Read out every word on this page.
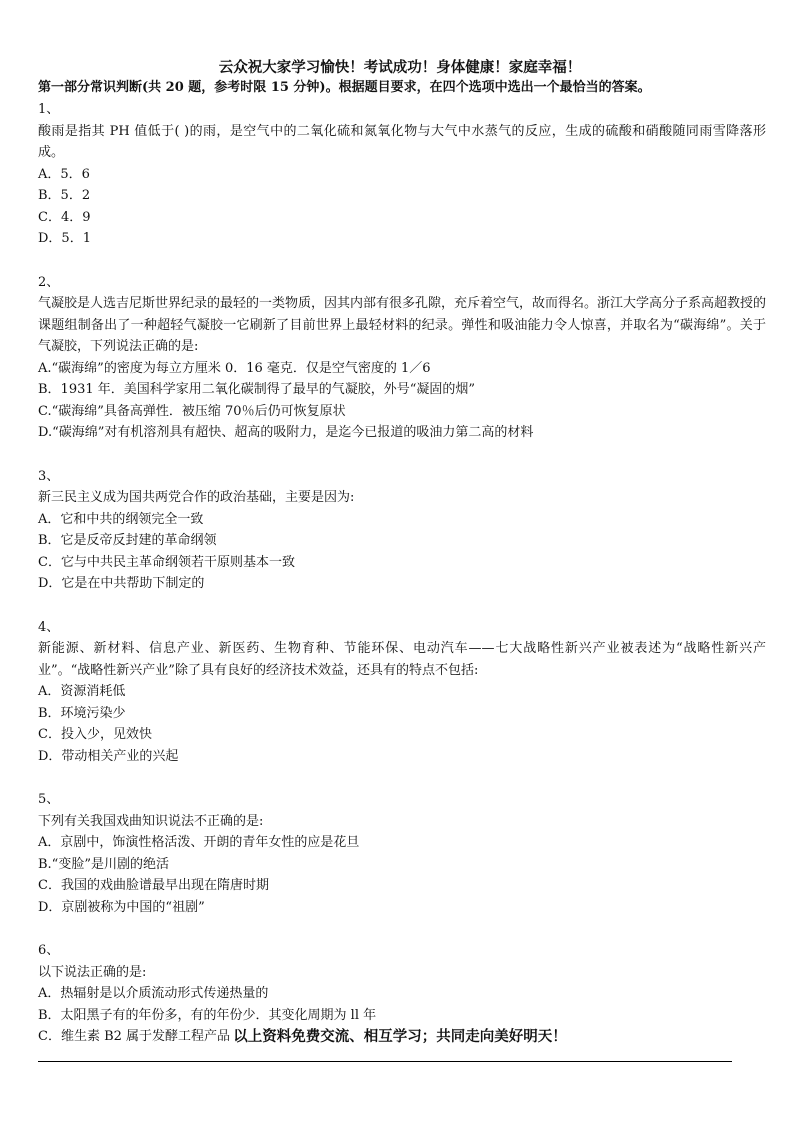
云众祝大家学习愉快！考试成功！身体健康！家庭幸福！
第一部分常识判断(共 20 题，参考时限 15 分钟)。根据题目要求，在四个选项中选出一个最恰当的答案。

1、

酸雨是指其 PH 值低于( )的雨，是空气中的二氧化硫和氮氧化物与大气中水蒸气的反应，生成的硫酸和硝酸随同雨雪降落形成。

A．5．6

B．5．2

C．4．9

D．5．1

2、

气凝胶是人选吉尼斯世界纪录的最轻的一类物质，因其内部有很多孔隙，充斥着空气，故而得名。浙江大学高分子系高超教授的课题组制备出了一种超轻气凝胶一它刷新了目前世界上最轻材料的纪录。弹性和吸油能力令人惊喜，并取名为“碳海绵”。关于气凝胶，下列说法正确的是:

A.“碳海绵”的密度为每立方厘米 0．16 毫克．仅是空气密度的 1／6

B．1931 年．美国科学家用二氧化碳制得了最早的气凝胶，外号“凝固的烟”

C.“碳海绵”具备高弹性．被压缩 70％后仍可恢复原状

D.“碳海绵”对有机溶剂具有超快、超高的吸附力，是迄今已报道的吸油力第二高的材料

3、

新三民主义成为国共两党合作的政治基础，主要是因为:

A．它和中共的纲领完全一致

B．它是反帝反封建的革命纲领

C．它与中共民主革命纲领若干原则基本一致

D．它是在中共帮助下制定的

4、

新能源、新材料、信息产业、新医药、生物育种、节能环保、电动汽车——七大战略性新兴产业被表述为“战略性新兴产业”。“战略性新兴产业”除了具有良好的经济技术效益，还具有的特点不包括:

A．资源消耗低

B．环境污染少

C．投入少，见效快

D．带动相关产业的兴起

5、

下列有关我国戏曲知识说法不正确的是:

A．京剧中，饰演性格活泼、开朗的青年女性的应是花旦

B.“变脸”是川剧的绝活

C．我国的戏曲脸谱最早出现在隋唐时期

D．京剧被称为中国的“祖剧”

6、

以下说法正确的是:

A．热辐射是以介质流动形式传递热量的

B．太阳黑子有的年份多，有的年份少．其变化周期为 ll 年

C．维生素 B2 属于发酵工程产品 以上资料免费交流、相互学习；共同走向美好明天！
